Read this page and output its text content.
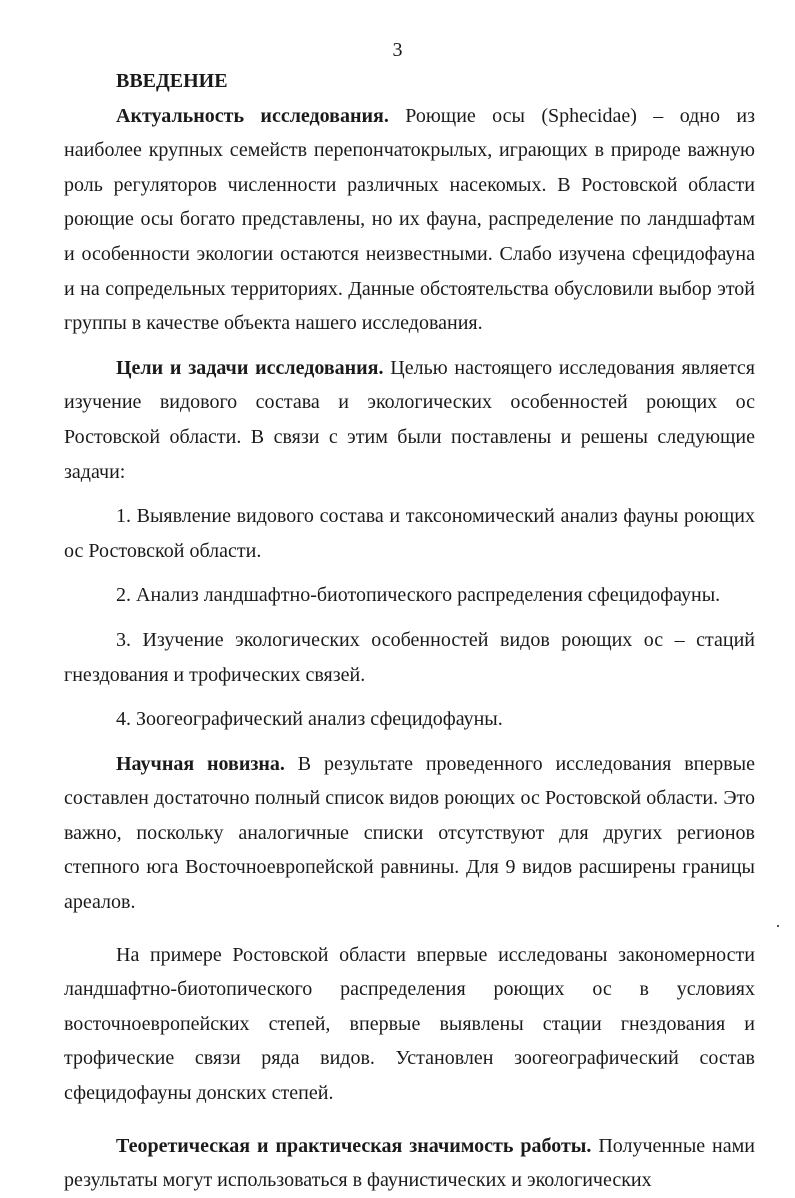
3

ВВЕДЕНИЕ

Актуальность исследования. Роющие осы (Sphecidae) – одно из наиболее крупных семейств перепончатокрылых, играющих в природе важную роль регуляторов численности различных насекомых. В Ростовской области роющие осы богато представлены, но их фауна, распределение по ландшафтам и особенности экологии остаются неизвестными. Слабо изучена сфецидофауна и на сопредельных территориях. Данные обстоятельства обусловили выбор этой группы в качестве объекта нашего исследования.

Цели и задачи исследования. Целью настоящего исследования является изучение видового состава и экологических особенностей роющих ос Ростовской области. В связи с этим были поставлены и решены следующие задачи:

1. Выявление видового состава и таксономический анализ фауны роющих ос Ростовской области.

2. Анализ ландшафтно-биотопического распределения сфецидофауны.

3. Изучение экологических особенностей видов роющих ос – стаций гнездования и трофических связей.

4. Зоогеографический анализ сфецидофауны.

Научная новизна. В результате проведенного исследования впервые составлен достаточно полный список видов роющих ос Ростовской области. Это важно, поскольку аналогичные списки отсутствуют для других регионов степного юга Восточноевропейской равнины. Для 9 видов расширены границы ареалов.

На примере Ростовской области впервые исследованы закономерности ландшафтно-биотопического распределения роющих ос в условиях восточноевропейских степей, впервые выявлены стации гнездования и трофические связи ряда видов. Установлен зоогеографический состав сфецидофауны донских степей.

Теоретическая и практическая значимость работы. Полученные нами результаты могут использоваться в фаунистических и экологических
